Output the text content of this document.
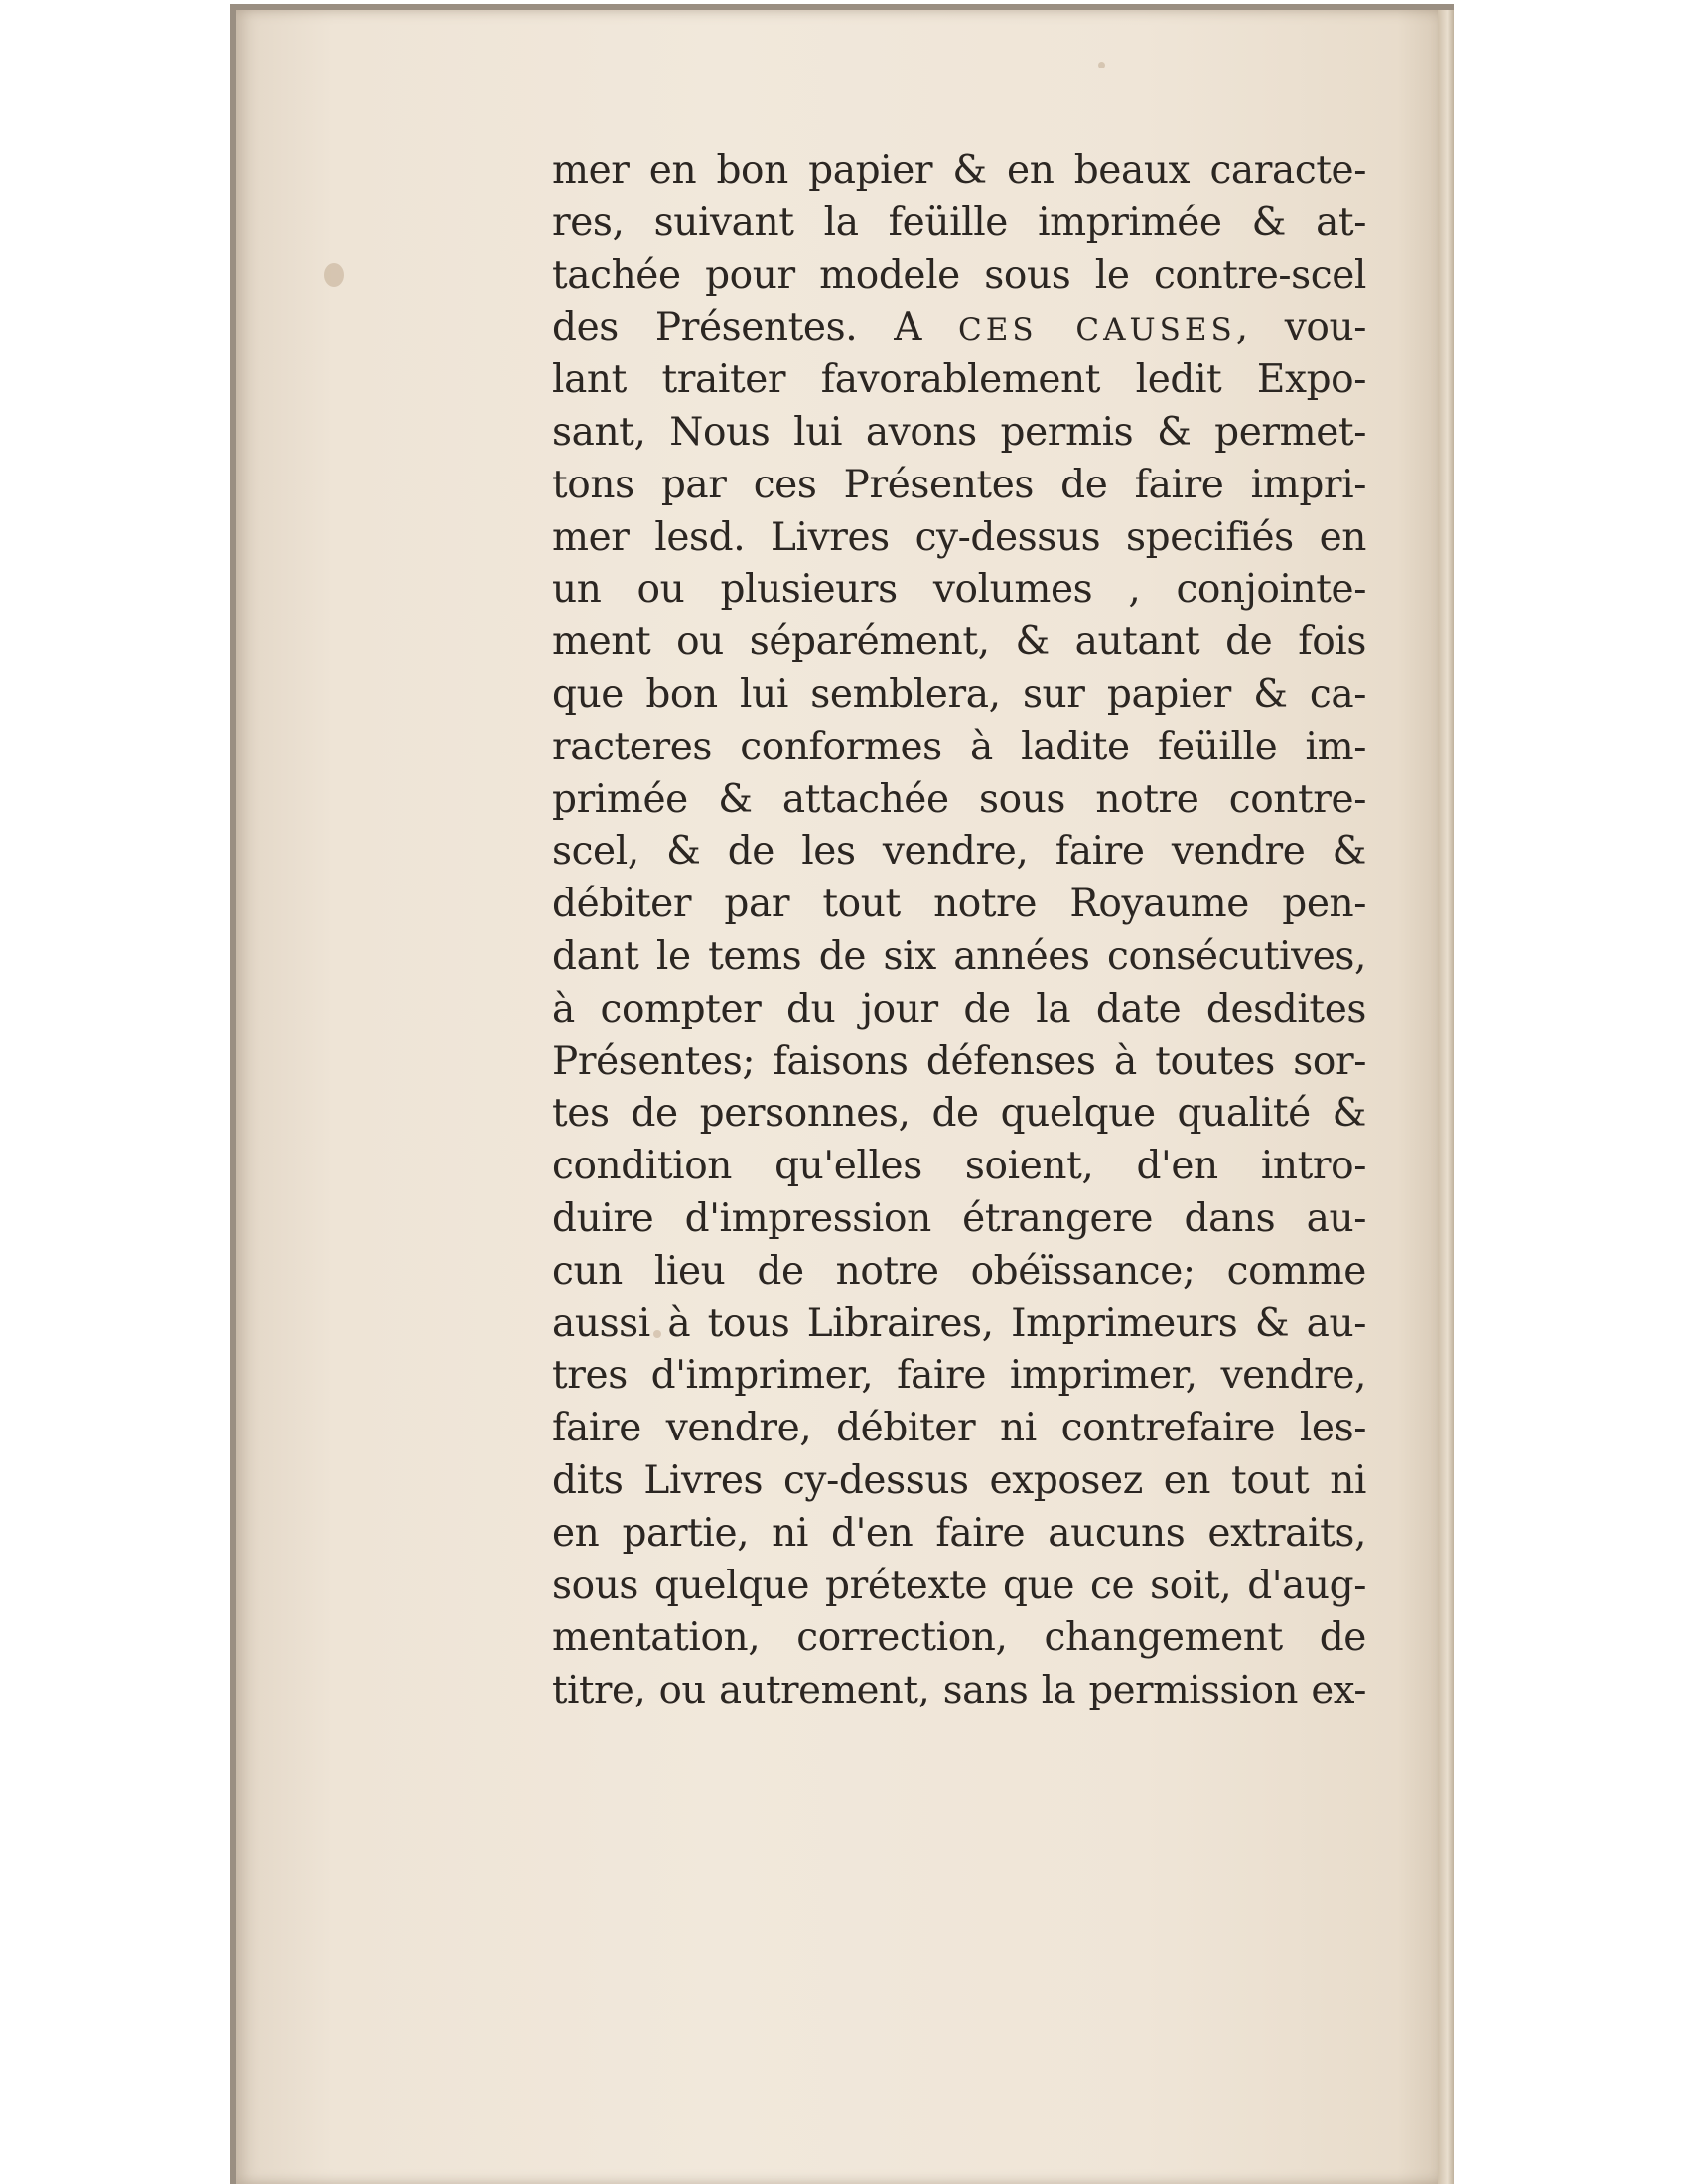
mer en bon papier & en beaux caracte-
res, suivant la feüille imprimée & at-
tachée pour modele sous le contre-scel
des Présentes. A CES CAUSES, vou-
lant traiter favorablement ledit Expo-
sant, Nous lui avons permis & permet-
tons par ces Présentes de faire impri-
mer lesd. Livres cy-dessus specifiés en
un ou plusieurs volumes , conjointe-
ment ou séparément, & autant de fois
que bon lui semblera, sur papier & ca-
racteres conformes à ladite feüille im-
primée & attachée sous notre contre-
scel, & de les vendre, faire vendre &
débiter par tout notre Royaume pen-
dant le tems de six années consécutives,
à compter du jour de la date desdites
Présentes; faisons défenses à toutes sor-
tes de personnes, de quelque qualité &
condition qu'elles soient, d'en intro-
duire d'impression étrangere dans au-
cun lieu de notre obéïssance; comme
aussi à tous Libraires, Imprimeurs & au-
tres d'imprimer, faire imprimer, vendre,
faire vendre, débiter ni contrefaire les-
dits Livres cy-dessus exposez en tout ni
en partie, ni d'en faire aucuns extraits,
sous quelque prétexte que ce soit, d'aug-
mentation, correction, changement de
titre, ou autrement, sans la permission ex-
